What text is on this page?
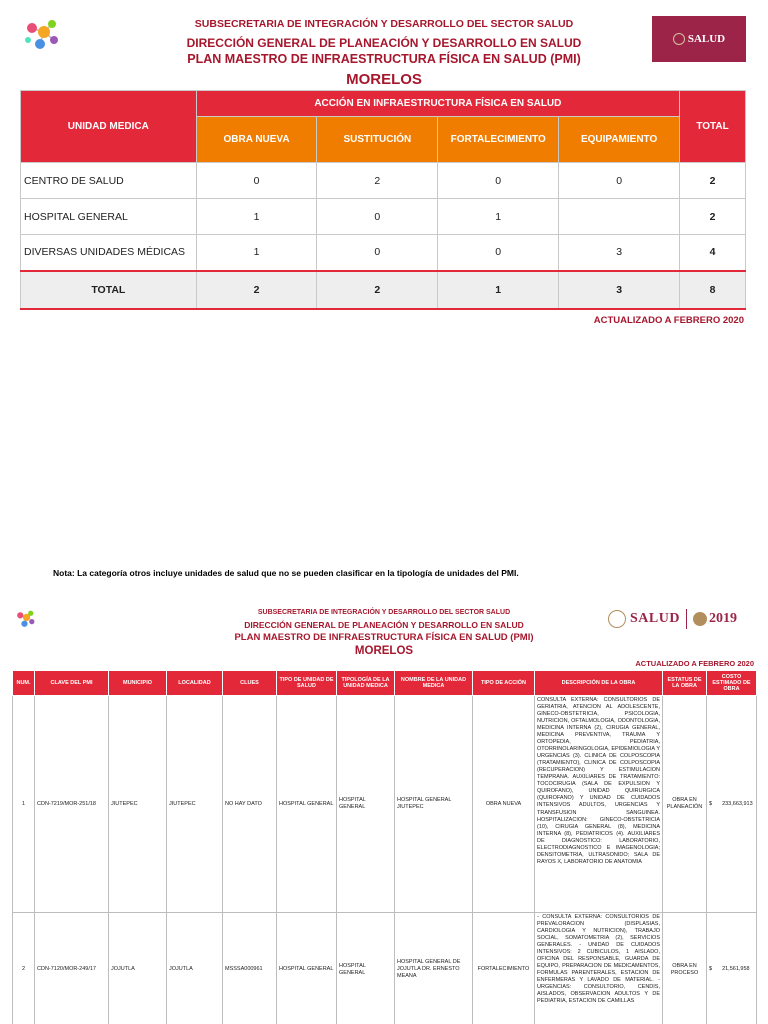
SALUD
SUBSECRETARIA DE INTEGRACIÓN Y DESARROLLO DEL SECTOR SALUD
DIRECCIÓN GENERAL DE PLANEACIÓN Y DESARROLLO EN SALUD
PLAN MAESTRO DE INFRAESTRUCTURA FÍSICA EN SALUD (PMI)
MORELOS
UNIDAD MEDICA	ACCIÓN EN INFRAESTRUCTURA FÍSICA EN SALUD				TOTAL
	OBRA NUEVA	SUSTITUCIÓN	FORTALECIMIENTO	EQUIPAMIENTO	
CENTRO DE SALUD	0	2	0	0	2
HOSPITAL GENERAL	1	0	1		2
DIVERSAS UNIDADES MÉDICAS	1	0	0	3	4
TOTAL	2	2	1	3	8
ACTUALIZADO A FEBRERO 2020
Nota: La categoría otros incluye unidades de salud que no se pueden clasificar en la tipología de unidades del PMI.
SUBSECRETARIA DE INTEGRACIÓN Y DESARROLLO DEL SECTOR SALUD
DIRECCIÓN GENERAL DE PLANEACIÓN Y DESARROLLO EN SALUD
PLAN MAESTRO DE INFRAESTRUCTURA FÍSICA EN SALUD (PMI)
MORELOS
SALUD 2019
ACTUALIZADO A FEBRERO 2020
NUM.	CLAVE DEL PMI	MUNICIPIO	LOCALIDAD	CLUES	TIPO DE UNIDAD DE SALUD	TIPOLOGÍA DE LA UNIDAD MEDICA	NOMBRE DE LA UNIDAD MEDICA	TIPO DE ACCIÓN	DESCRIPCIÓN DE LA OBRA	ESTATUS DE LA OBRA	COSTO ESTIMADO DE OBRA
1	CDN-7219/MOR-251/18	JIUTEPEC	JIUTEPEC	NO HAY DATO	HOSPITAL GENERAL	HOSPITAL GENERAL	HOSPITAL GENERAL JIUTEPEC	OBRA NUEVA	CONSULTA EXTERNA: CONSULTORIOS DE GERIATRIA, ATENCION AL ADOLESCENTE, GINECO-OBSTETRICIA, PSICOLOGIA, NUTRICION, OFTALMOLOGIA, ODONTOLOGIA, MEDICINA INTERNA (2), CIRUGIA GENERAL, MEDICINA PREVENTIVA, TRAUMA Y ORTOPEDIA, PEDIATRIA, OTORRINOLARINGOLOGIA, EPIDEMIOLOGIA Y URGENCIAS (3). CLINICA DE COLPOSCOPIA (TRATAMIENTO), CLINICA DE COLPOSCOPIA (RECUPERACION) Y ESTIMULACION TEMPRANA. AUXILIARES DE TRATAMIENTO: TOCOCIRUGIA (SALA DE EXPULSION Y QUIROFANO), UNIDAD QUIRURGICA (QUIROFANO) Y UNIDAD DE CUIDADOS INTENSIVOS ADULTOS, URGENCIAS Y TRANSFUSION SANGUINEA. HOSPITALIZACION: GINECO-OBSTETRICIA (10), CIRUGIA GENERAL (8), MEDICINA INTERNA (8), PEDIATRICOS (4). AUXILIARES DE DIAGNOSTICO: LABORATORIO, ELECTRODIAGNOSTICO E IMAGENOLOGIA; DENSITOMETRIA, ULTRASONIDO; SALA DE RAYOS X, LABORATORIO DE ANATOMIA	OBRA EN PLANEACIÓN	$ 233,663,913
2	CDN-7120/MOR-249/17	JOJUTLA	JOJUTLA	MSSSA000961	HOSPITAL GENERAL	HOSPITAL GENERAL	HOSPITAL GENERAL DE JOJUTLA DR. ERNESTO MEANA	FORTALECIMIENTO	- CONSULTA EXTERNA: CONSULTORIOS DE PREVALORACION (DISPLASIAS, CARDIOLOGIA Y NUTRICION), TRABAJO SOCIAL, SOMATOMETRIA (2), SERVICIOS GENERALES. - UNIDAD DE CUIDADOS INTENSIVOS: 2 CUBICULOS, 1 AISLADO, OFICINA DEL RESPONSABLE, GUARDA DE EQUIPO, PREPARACION DE MEDICAMENTOS, FORMULAS PARENTERALES, ESTACION DE ENFERMERAS Y LAVADO DE MATERIAL. - URGENCIAS: CONSULTORIO, CENDIS, AISLADOS, OBSERVACION ADULTOS Y DE PEDIATRIA, ESTACION DE CAMILLAS	OBRA EN PROCESO	$ 21,561,958
